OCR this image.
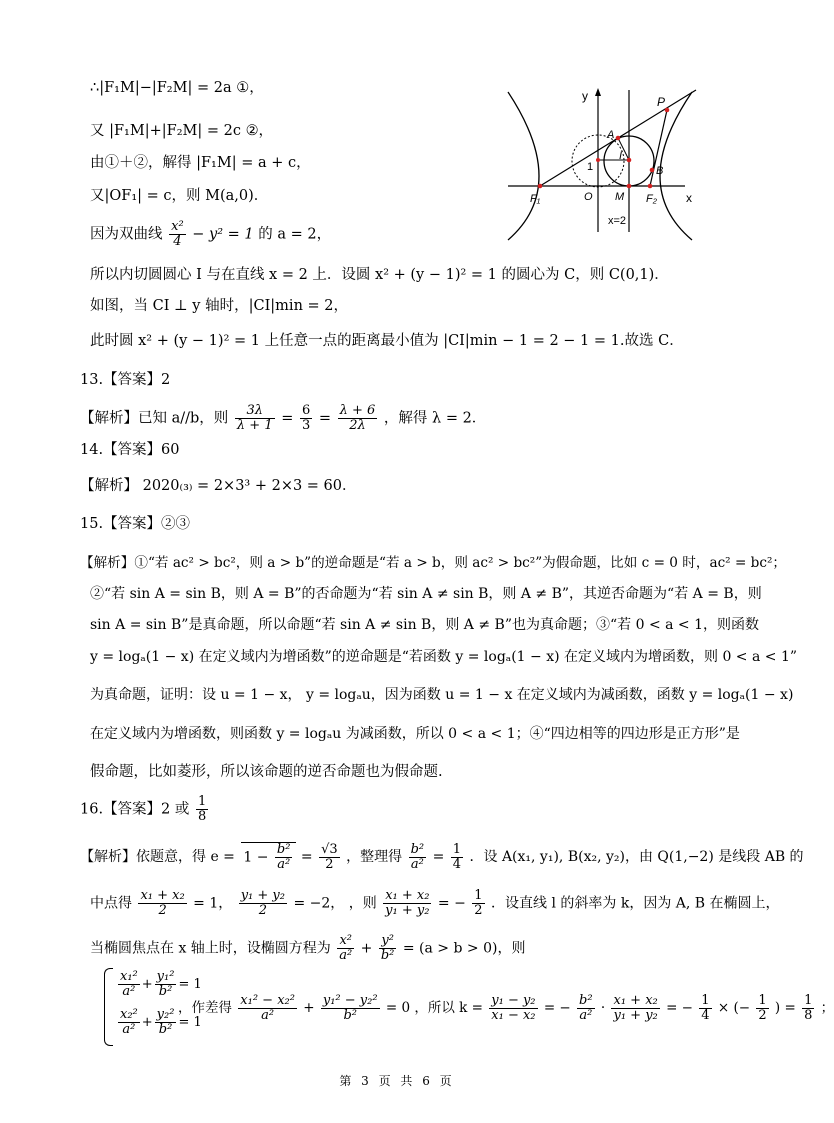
∴|F₁M|−|F₂M| = 2a ①，
又 |F₁M|+|F₂M| = 2c ②，
由①＋②，解得 |F₁M| = a + c，
又|OF₁| = c，则 M(a,0)．
因为双曲线 $\frac{\text{x²}}{4} - y^2 = 1$ 的 a = 2，
所以内切圆圆心 I 与在直线 x = 2 上．设圆 x² + (y − 1)² = 1 的圆心为 C，则 C(0,1)．
如图，当 CI ⊥ y 轴时，|CI|min = 2，
此时圆 x² + (y − 1)² = 1 上任意一点的距离最小值为 |CI|min − 1 = 2 − 1 = 1.故选 C．
y
x
P
A
I
B
1
O M
F₁	F₂
x=2
13.【答案】2
【解析】已知 a//b，则 $\frac{3\lambda}{\lambda + 1} = \frac{6}{3} = \frac{\lambda + 6}{2\lambda}$ ，解得 λ = 2．
14.【答案】60
【解析】 2020₍₃₎ = 2×3³ + 2×3 = 60．
15.【答案】②③
【解析】①“若 ac² > bc²，则 a > b”的逆命题是“若 a > b，则 ac² > bc²”为假命题，比如 c = 0 时，ac² = bc²；
②“若 sin A = sin B，则 A = B”的否命题为“若 sin A ≠ sin B，则 A ≠ B”，其逆否命题为“若 A = B，则
sin A = sin B”是真命题，所以命题“若 sin A ≠ sin B，则 A ≠ B”也为真命题；③“若 0 < a < 1，则函数
y = logₐ(1 − x) 在定义域内为增函数”的逆命题是“若函数 y = logₐ(1 − x) 在定义域内为增函数，则 0 < a < 1”
为真命题，证明：设 u = 1 − x， y = logₐu，因为函数 u = 1 − x 在定义域内为减函数，函数 y = logₐ(1 − x)
在定义域内为增函数，则函数 y = logₐu 为减函数，所以 0 < a < 1；④“四边相等的四边形是正方形”是
假命题，比如菱形，所以该命题的逆否命题也为假命题.
16.【答案】2 或 $\frac{1}{8}$
【解析】依题意，得 $e = 1 - \frac{\text{b²}}{\text{a²}} = \frac{√3}{2}$ ，整理得 $\frac{\text{b²}}{\text{a²}} = \frac{1}{4}$ ．设 A(x₁, y₁), B(x₂, y₂)，由 Q(1,−2) 是线段 AB 的
中点得 $\frac{\text{x₁ + x₂}}{2} = 1$， $\frac{\text{y₁ + y₂}}{2} = -2$， ，则 $\frac{\text{x₁ + x₂}}{\text{y₁ + y₂}}$ = − $\frac{1}{2}$ ．设直线 l 的斜率为 k，因为 A, B 在椭圆上，
当椭圆焦点在 x 轴上时，设椭圆方程为 $\frac{\text{x²}}{\text{a²}} + \frac{\text{y²}}{\text{b²}} = (a > b > 0)$，则
$\frac{\text{x₁²}}{\text{a²}} + \frac{\text{y₁²}}{\text{b²}} = 1$
$\frac{\text{x₂²}}{\text{a²}} + \frac{\text{y₂²}}{\text{b²}} = 1$
，作差得 $\frac{\text{x₁² − x₂²}}{\text{a²}} + \frac{\text{y₁² − y₂²}}{\text{b²}} = 0$ ，所以 $k = \frac{\text{y₁ − y₂}}{\text{x₁ − x₂}}$ = − $\frac{\text{b²}}{\text{a²}} \cdot \frac{\text{x₁ + x₂}}{\text{y₁ + y₂}}$ = − $\frac{1}{4}$ × (− $\frac{1}{2}$ ) = $\frac{1}{8}$ ；
第 3 页 共 6 页
